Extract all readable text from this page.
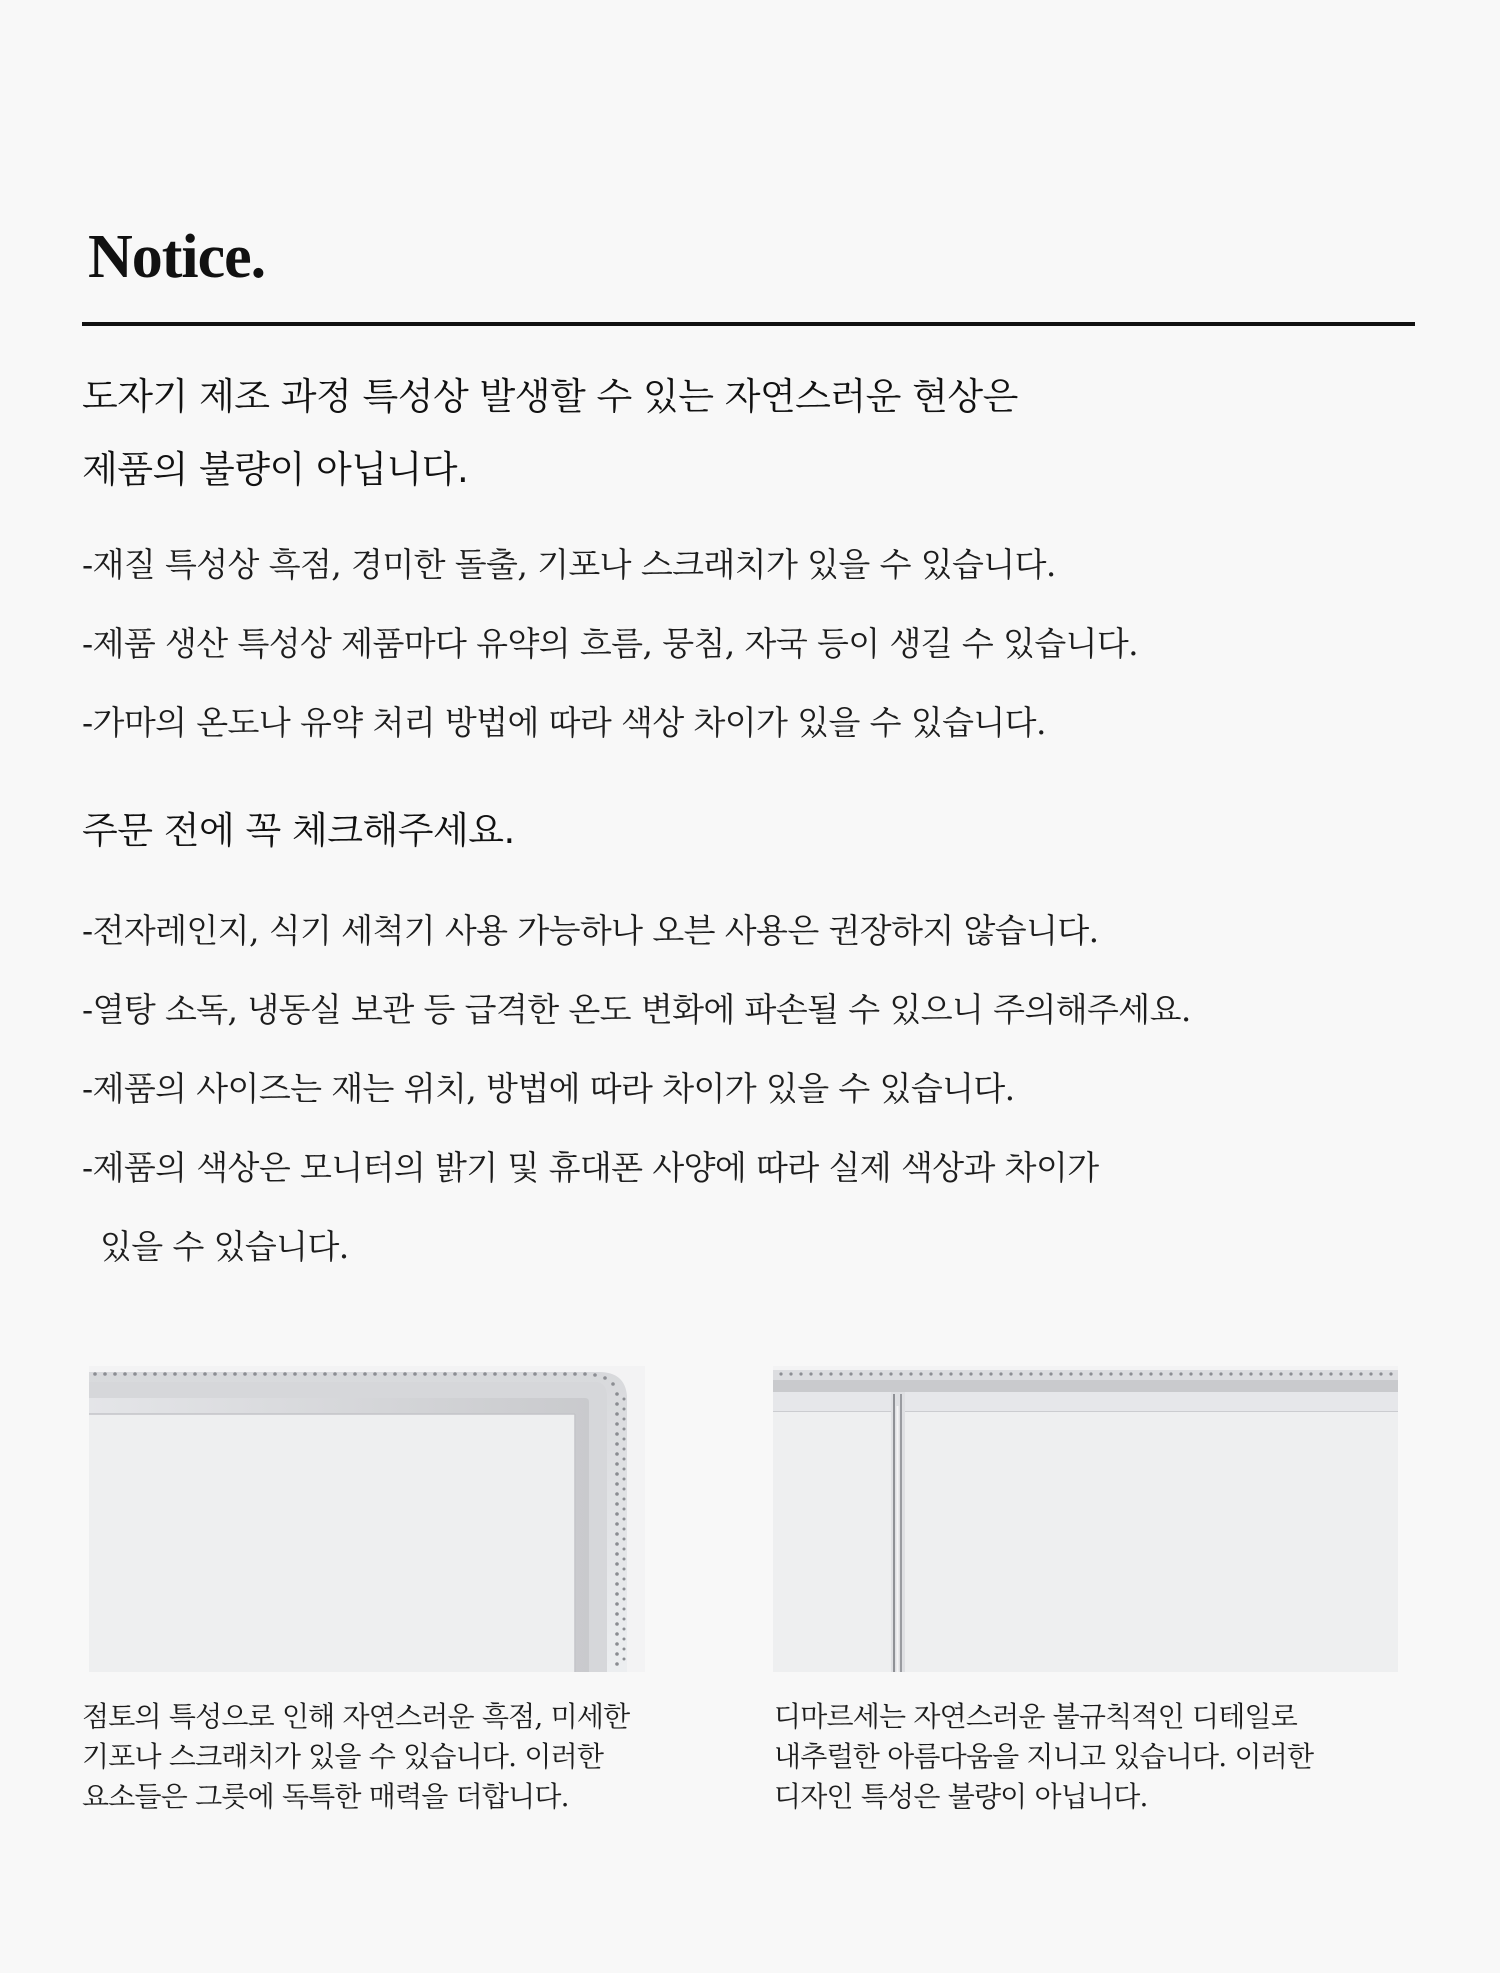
Notice.
도자기 제조 과정 특성상 발생할 수 있는 자연스러운 현상은
제품의 불량이 아닙니다.
-재질 특성상 흑점, 경미한 돌출, 기포나 스크래치가 있을 수 있습니다.
-제품 생산 특성상 제품마다 유약의 흐름, 뭉침, 자국 등이 생길 수 있습니다.
-가마의 온도나 유약 처리 방법에 따라 색상 차이가 있을 수 있습니다.
주문 전에 꼭 체크해주세요.
-전자레인지, 식기 세척기 사용 가능하나 오븐 사용은 권장하지 않습니다.
-열탕 소독, 냉동실 보관 등 급격한 온도 변화에 파손될 수 있으니 주의해주세요.
-제품의 사이즈는 재는 위치, 방법에 따라 차이가 있을 수 있습니다.
-제품의 색상은 모니터의 밝기 및 휴대폰 사양에 따라 실제 색상과 차이가
있을 수 있습니다.
점토의 특성으로 인해 자연스러운 흑점, 미세한
기포나 스크래치가 있을 수 있습니다. 이러한
요소들은 그릇에 독특한 매력을 더합니다.
디마르세는 자연스러운 불규칙적인 디테일로
내추럴한 아름다움을 지니고 있습니다. 이러한
디자인 특성은 불량이 아닙니다.
